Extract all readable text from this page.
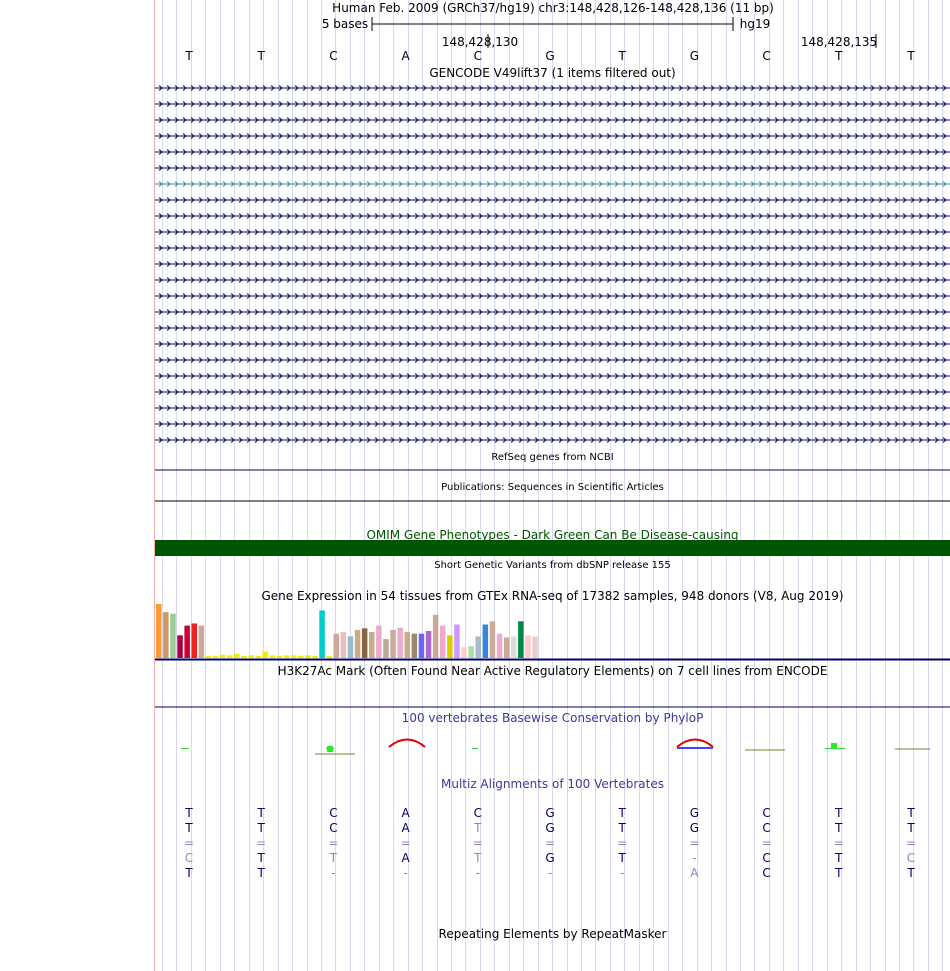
Human Feb. 2009 (GRCh37/hg19) chr3:148,428,126-148,428,136 (11 bp)
5 bases	hg19
148,428,130	148,428,135
T	T	C	A	C	G	T	G	C	T	T
GENCODE V49lift37 (1 items filtered out)
RefSeq genes from NCBI
Publications: Sequences in Scientific Articles
OMIM Gene Phenotypes - Dark Green Can Be Disease-causing
Short Genetic Variants from dbSNP release 155
Gene Expression in 54 tissues from GTEx RNA-seq of 17382 samples, 948 donors (V8, Aug 2019)
H3K27Ac Mark (Often Found Near Active Regulatory Elements) on 7 cell lines from ENCODE
100 vertebrates Basewise Conservation by PhyloP
Multiz Alignments of 100 Vertebrates
T	T	C	A	C	G	T	G	C	T	T
T	T	C	A	T	G	T	G	C	T	T
=	=	=	=	=	=	=	=	=	=	=
C	T	T	A	T	G	T	-	C	T	C
T	T	-	-	-	-	-	A	C	T	T
Repeating Elements by RepeatMasker
